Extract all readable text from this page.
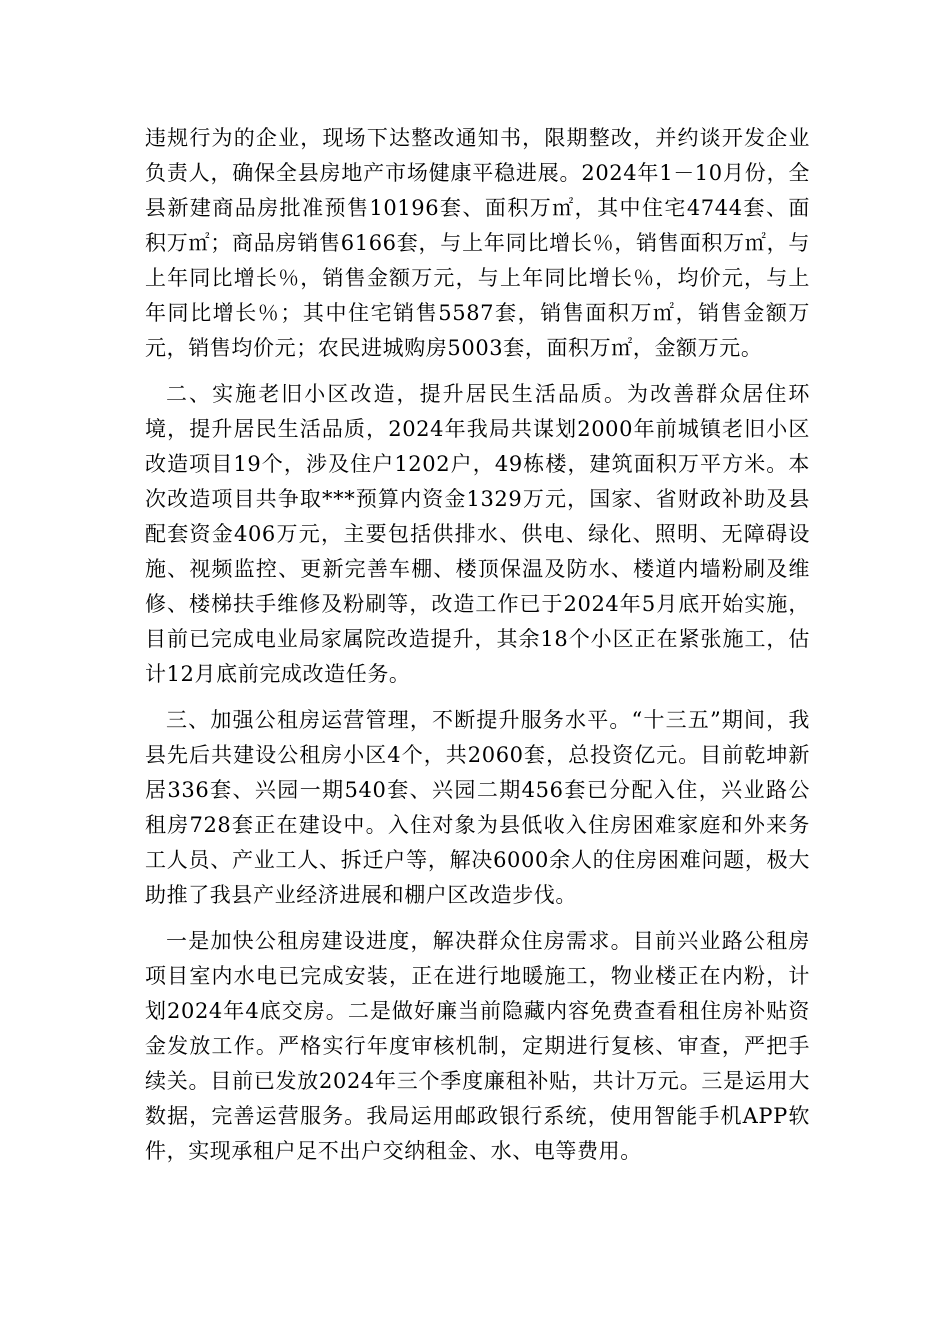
违规行为的企业，现场下达整改通知书，限期整改，并约谈开发企业负责人，确保全县房地产市场健康平稳进展。2024年1－10月份，全县新建商品房批准预售10196套、面积万㎡，其中住宅4744套、面积万㎡；商品房销售6166套，与上年同比增长％，销售面积万㎡，与上年同比增长％，销售金额万元，与上年同比增长％，均价元，与上年同比增长％；其中住宅销售5587套，销售面积万㎡，销售金额万元，销售均价元；农民进城购房5003套，面积万㎡，金额万元。

二、实施老旧小区改造，提升居民生活品质。为改善群众居住环境，提升居民生活品质，2024年我局共谋划2000年前城镇老旧小区改造项目19个，涉及住户1202户，49栋楼，建筑面积万平方米。本次改造项目共争取***预算内资金1329万元，国家、省财政补助及县配套资金406万元，主要包括供排水、供电、绿化、照明、无障碍设施、视频监控、更新完善车棚、楼顶保温及防水、楼道内墙粉刷及维修、楼梯扶手维修及粉刷等，改造工作已于2024年5月底开始实施，目前已完成电业局家属院改造提升，其余18个小区正在紧张施工，估计12月底前完成改造任务。

三、加强公租房运营管理，不断提升服务水平。“十三五”期间，我县先后共建设公租房小区4个，共2060套，总投资亿元。目前乾坤新居336套、兴园一期540套、兴园二期456套已分配入住，兴业路公租房728套正在建设中。入住对象为县低收入住房困难家庭和外来务工人员、产业工人、拆迁户等，解决6000余人的住房困难问题，极大助推了我县产业经济进展和棚户区改造步伐。

一是加快公租房建设进度，解决群众住房需求。目前兴业路公租房项目室内水电已完成安装，正在进行地暖施工，物业楼正在内粉，计划2024年4底交房。二是做好廉当前隐藏内容免费查看租住房补贴资金发放工作。严格实行年度审核机制，定期进行复核、审查，严把手续关。目前已发放2024年三个季度廉租补贴，共计万元。三是运用大数据，完善运营服务。我局运用邮政银行系统，使用智能手机APP软件，实现承租户足不出户交纳租金、水、电等费用。
